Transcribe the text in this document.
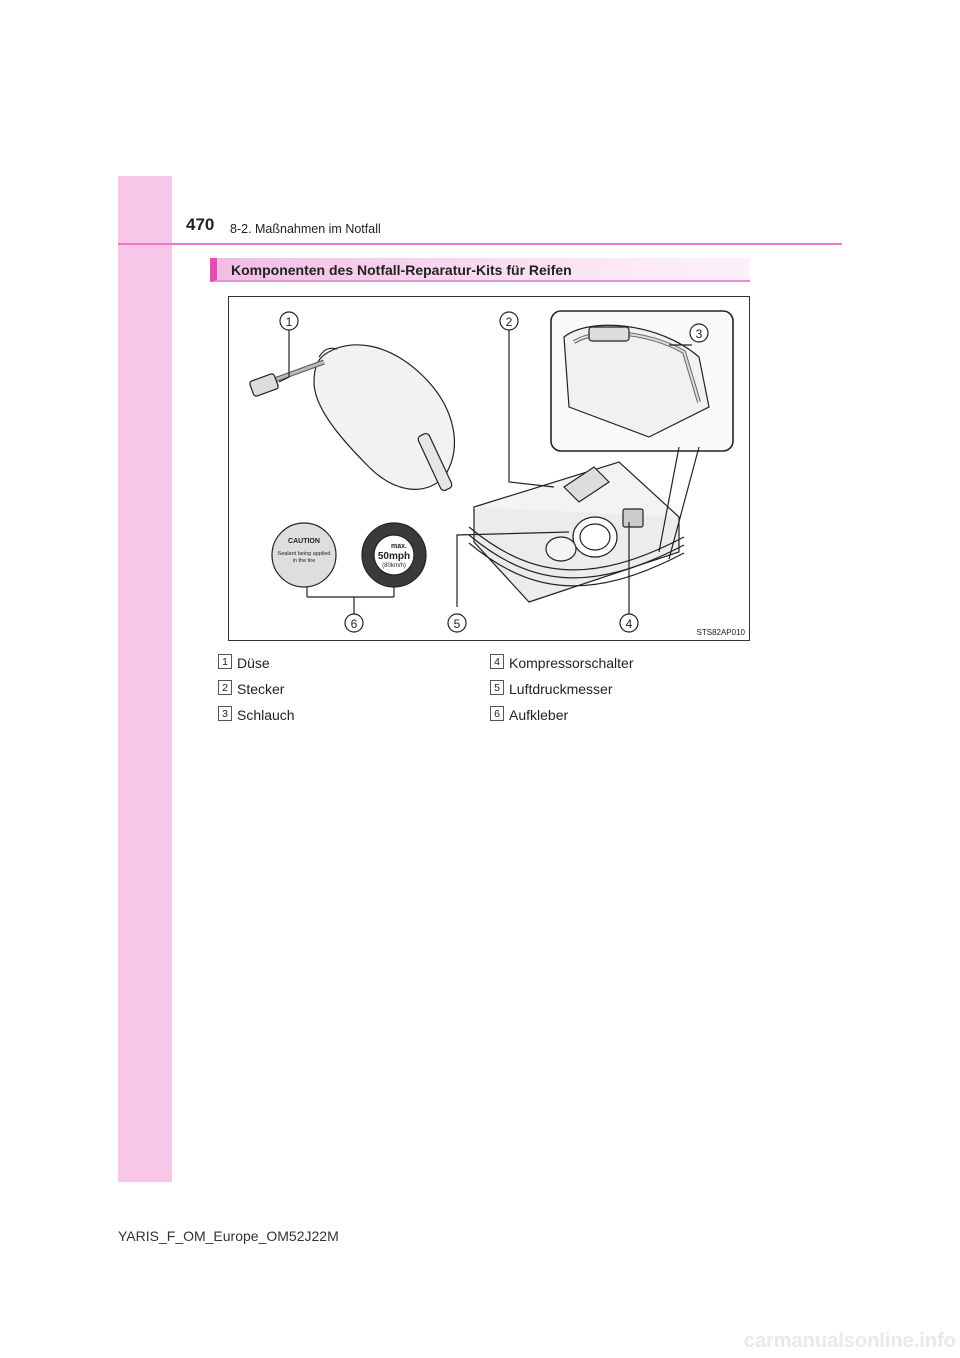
470 8-2. Maßnahmen im Notfall
Komponenten des Notfall-Reparatur-Kits für Reifen
1	2
3
4
5
6
CAUTION
Sealant being applied
in the tire
max.
50mph
(80km/h)
STS82AP010
1 Düse
2 Stecker
3 Schlauch
4 Kompressorschalter
5 Luftdruckmesser
6 Aufkleber
YARIS_F_OM_Europe_OM52J22M
carmanualsonline.info
